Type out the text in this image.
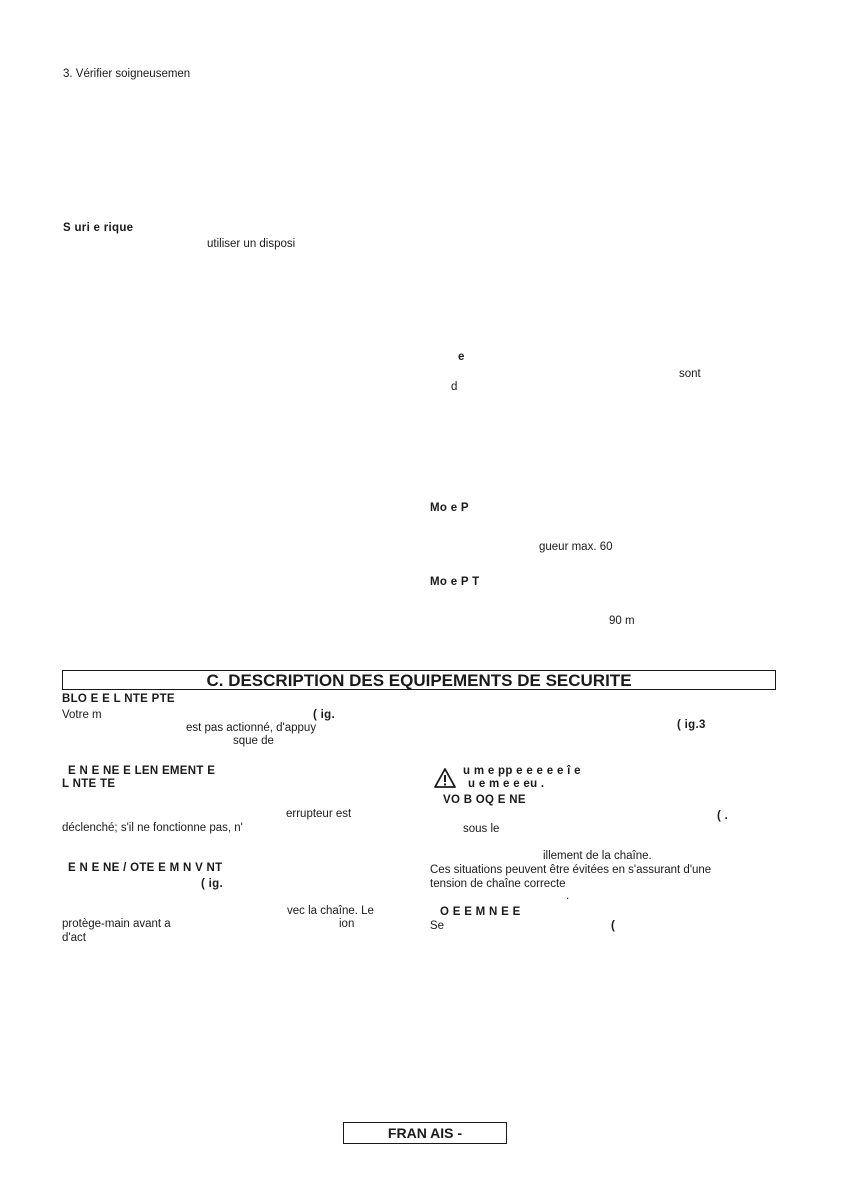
3. Vérifier soigneusemen
S uri e rique
utiliser un disposi
e
sont
d
Mo e P
gueur max. 60
Mo e P T
90 m
C. DESCRIPTION DES EQUIPEMENTS DE SECURITE
BLO E E L NTE PTE
Votre m	( ig.
est pas actionné, d'appuy
sque de
E N E NE E LEN EMENT E
L NTE TE
errupteur est
déclenché; s'il ne fonctionne pas, n'
E N E NE / OTE E M N V NT
( ig.
vec la chaîne. Le
protège-main avant a	ion
d'act
( ig.3
u m e pp e e e e e î e
u e m e e eu .
VO B OQ E NE
( .
sous le
illement de la chaîne.
Ces situations peuvent être évitées en s'assurant d'une
tension de chaîne correcte
.
O E E M N E E
Se	(
FRAN AIS -
